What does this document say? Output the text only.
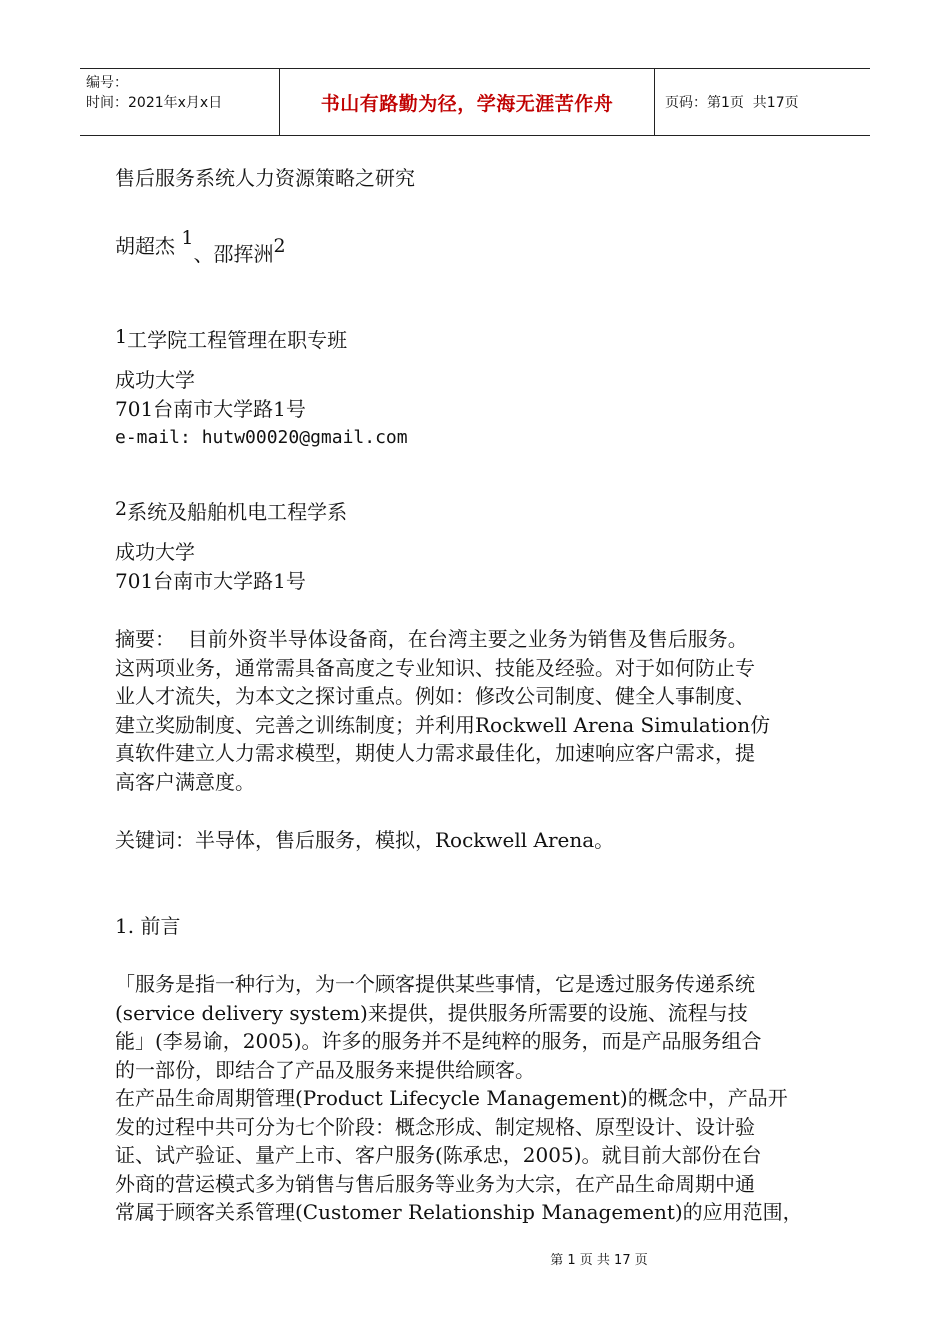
编号：
时间：2021年x月x日	书山有路勤为径，学海无涯苦作舟	页码：第1页  共17页
售后服务系统人力资源策略之研究
胡超杰 1、邵挥洲2
1工学院工程管理在职专班
成功大学
701台南市大学路1号
e-mail: hutw00020@gmail.com
2系统及船舶机电工程学系
成功大学
701台南市大学路1号
摘要：  目前外资半导体设备商，在台湾主要之业务为销售及售后服务。
这两项业务，通常需具备高度之专业知识、技能及经验。对于如何防止专
业人才流失，为本文之探讨重点。例如：修改公司制度、健全人事制度、
建立奖励制度、完善之训练制度；并利用Rockwell Arena Simulation仿
真软件建立人力需求模型，期使人力需求最佳化，加速响应客户需求，提
高客户满意度。
关键词：半导体，售后服务，模拟，Rockwell Arena。
1. 前言
「服务是指一种行为，为一个顾客提供某些事情，它是透过服务传递系统
(service delivery system)来提供，提供服务所需要的设施、流程与技
能」(李易谕，2005)。许多的服务并不是纯粹的服务，而是产品服务组合
的一部份，即结合了产品及服务来提供给顾客。
在产品生命周期管理(Product Lifecycle Management)的概念中，产品开
发的过程中共可分为七个阶段：概念形成、制定规格、原型设计、设计验
证、试产验证、量产上市、客户服务(陈承忠，2005)。就目前大部份在台
外商的营运模式多为销售与售后服务等业务为大宗，在产品生命周期中通
常属于顾客关系管理(Customer Relationship Management)的应用范围，
第 1 页 共 17 页
